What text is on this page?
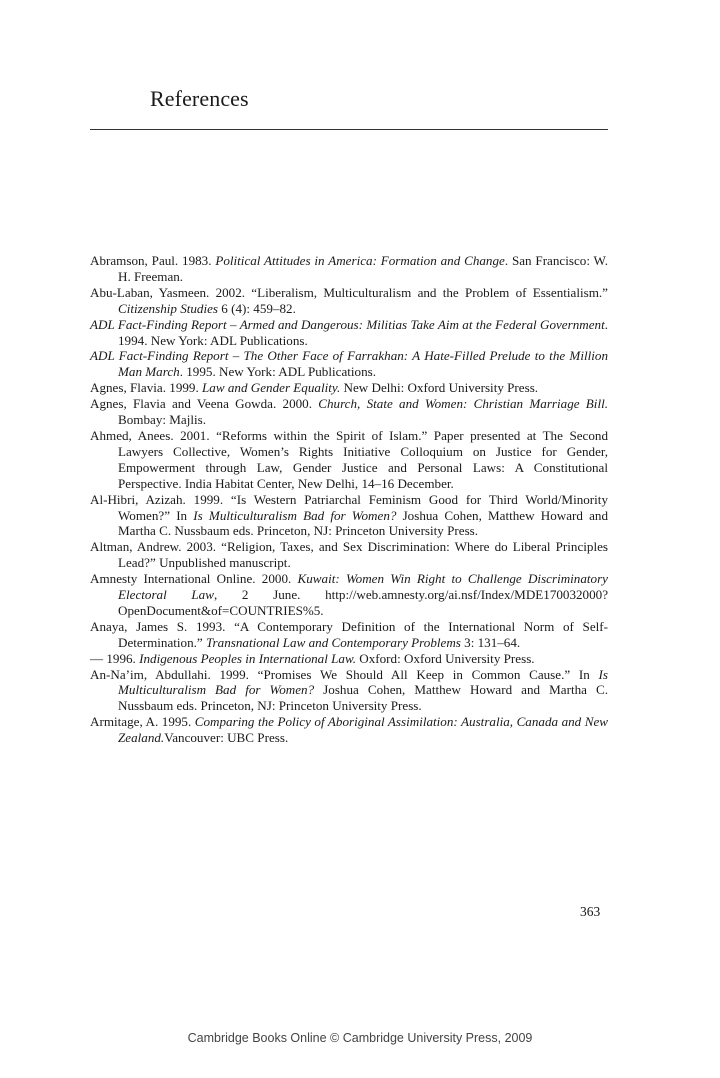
References

Abramson, Paul. 1983. Political Attitudes in America: Formation and Change. San Francisco: W. H. Freeman.

Abu-Laban, Yasmeen. 2002. “Liberalism, Multiculturalism and the Problem of Essentialism.” Citizenship Studies 6 (4): 459–82.

ADL Fact-Finding Report – Armed and Dangerous: Militias Take Aim at the Federal Government. 1994. New York: ADL Publications.

ADL Fact-Finding Report – The Other Face of Farrakhan: A Hate-Filled Prelude to the Million Man March. 1995. New York: ADL Publications.

Agnes, Flavia. 1999. Law and Gender Equality. New Delhi: Oxford University Press.

Agnes, Flavia and Veena Gowda. 2000. Church, State and Women: Christian Marriage Bill. Bombay: Majlis.

Ahmed, Anees. 2001. “Reforms within the Spirit of Islam.” Paper presented at The Second Lawyers Collective, Women’s Rights Initiative Colloquium on Justice for Gender, Empowerment through Law, Gender Justice and Personal Laws: A Constitutional Perspective. India Habitat Center, New Delhi, 14–16 December.

Al-Hibri, Azizah. 1999. “Is Western Patriarchal Feminism Good for Third World/Minority Women?” In Is Multiculturalism Bad for Women? Joshua Cohen, Matthew Howard and Martha C. Nussbaum eds. Princeton, NJ: Princeton University Press.

Altman, Andrew. 2003. “Religion, Taxes, and Sex Discrimination: Where do Liberal Principles Lead?” Unpublished manuscript.

Amnesty International Online. 2000. Kuwait: Women Win Right to Challenge Discriminatory Electoral Law, 2 June. http://web.amnesty.org/ai.nsf/Index/MDE170032000? OpenDocument&of=COUNTRIES%5.

Anaya, James S. 1993. “A Contemporary Definition of the International Norm of Self-Determination.” Transnational Law and Contemporary Problems 3: 131–64.

— 1996. Indigenous Peoples in International Law. Oxford: Oxford University Press.

An-Na’im, Abdullahi. 1999. “Promises We Should All Keep in Common Cause.” In Is Multiculturalism Bad for Women? Joshua Cohen, Matthew Howard and Martha C. Nussbaum eds. Princeton, NJ: Princeton University Press.

Armitage, A. 1995. Comparing the Policy of Aboriginal Assimilation: Australia, Canada and New Zealand.Vancouver: UBC Press.

363
Cambridge Books Online © Cambridge University Press, 2009
